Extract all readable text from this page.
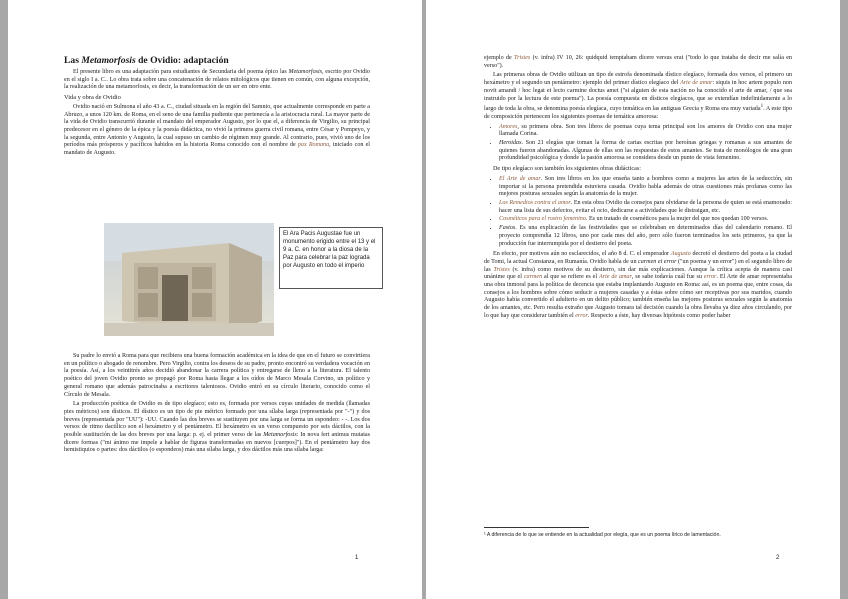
Las Metamorfosis de Ovidio: adaptación

El presente libro es una adaptación para estudiantes de Secundaria del poema épico las Metamorfosis, escrito por Ovidio en el siglo I a. C.. Lo obra trata sobre una concatenación de relatos mitológicos que tienen en común, con alguna excepción, la realización de una metamorfosis, es decir, la transformación de un ser en otro ente.

Vida y obra de Ovidio

Ovidio nació en Sulmona el año 43 a. C., ciudad situada en la región del Samnio, que actualmente corresponde en parte a Abruzo, a unos 120 km. de Roma, en el seno de una familia pudiente que pertenecía a la aristocracia rural. La mayor parte de la vida de Ovidio transcurrió durante el mandato del emperador Augusto, por lo que el, a diferencia de Virgilio, su principal predecesor en el género de la épica y la poesía didáctica, no vivió la primera guerra civil romana, entre César y Pompeyo, y la segunda, entre Antonio y Augusto, la cual supuso un cambio de régimen muy grande. Al contrario, pues, vivió uno de los períodos más prósperos y pacíficos habidos en la historia Roma conocido con el nombre de pax Romana, iniciado con el mandato de Augusto.

El Ara Pacis Augustae fue un monumento erigido entre el 13 y el 9 a. C. en honor a la diosa de la Paz para celebrar la paz lograda por Augusto en todo el imperio

Su padre lo envió a Roma para que recibiera una buena formación académica en la idea de que en el futuro se convirtiera en un político o abogado de renombre. Pero Virgilio, contra los deseos de su padre, pronto encontró su verdadera vocación en la poesía. Así, a los veintitrés años decidió abandonar la carrera política y entregarse de lleno a la literatura. El talento poético del joven Ovidio pronto se propagó por Roma hasta llegar a los oídos de Marco Mesala Corvino, un político y general romano que además patrocinaba a escritores talentosos. Ovidio entró en su círculo literario, conocido como el Círculo de Mesala.

La producción poética de Ovidio es de tipo elegíaco; esto es, formada por versos cuyas unidades de medida (llamadas pies métricos) son dísticos. El dístico es un tipo de pie métrico formado por una sílaba larga (representada por "-") y dos breves (representada por "UU"): -UU. Cuando las dos breves se sustituyen por una larga se forma un espondeo: - -. Los dos versos de ritmo dactílico son el hexámetro y el pentámetro. El hexámetro es un verso compuesto por seis dáctilos, con la posible sustitución de las dos breves por una larga: p. ej. el primer verso de las Metamorfosis: In nova fert animus mutatas dicere formas ("mi ánimo me impele a hablar de figuras transformadas en nuevos [cuerpos]"). En el pentámetro hay dos hemistiquios o partes: dos dáctilos (o espondeos) más una sílaba larga, y dos dáctilos más una sílaba larga:

1

ejemplo de Tristes (v. infra) IV 10, 26: quidquid temptabam dicere versus erat ("todo lo que trataba de decir me salía en verso").

Las primeras obras de Ovidio utilizan un tipo de estrofa denominada dístico elegíaco, formada dos versos, el primero un hexámetro y el segundo un pentámetro: ejemplo del primer dístico elegíaco del Arte de amar: siquis in hoc artem populo non novit amandi / hoc legat et lecto carmine doctus amet ("si alguien de esta nación no ha conocido el arte de amar, / que sea instruido por la lectura de este poema"). La poesía compuesta en dísticos elegíacos, que se extendían indefinidamente a lo largo de toda la obra, se denomina poesía elegíaca, cuyo temática en las antiguas Grecia y Roma era muy variada$^1$. A este tipo de composición pertenecen los siguientes poemas de temática amorosa:

• Amores, su primera obra. Son tres libros de poemas cuya tema principal son los amores de Ovidio con una mujer llamada Corina.
• Heroidas. Son 21 elegías que toman la forma de cartas escritas por heroínas griegas y romanas a sus amantes de quienes fueron abandonadas. Algunas de ellas son las respuestas de estos amantes. Se trata de monólogos de una gran profundidad psicológica y donde la pasión amorosa se considera desde un punto de vista femenino.

De tipo elegíaco son también los siguientes obras didácticas:

• El Arte de amar. Son tres libros en los que enseña tanto a hombres como a mujeres las artes de la seducción, sin importar si la persona pretendida estuviera casada. Ovidio habla además de otras cuestiones más profanas como las mejores posturas sexuales según la anatomía de la mujer.
• Los Remedios contra el amor. En esta obra Ovidio da consejos para olvidarse de la persona de quien se está enamorado: hacer una lista de sus defectos, evitar el ocio, dedicarse a actividades que le distraigan, etc.
• Cosméticos para el rostro femenino. Es un tratado de cosméticos para la mujer del que nos quedan 100 versos.
• Fastos. Es una explicación de las festividades que se celebraban en determinados días del calendario romano. El proyecto comprendía 12 libros, uno por cada mes del año, pero sólo fueron terminados los seis primeros, ya que la producción fue interrumpida por el destierro del poeta.

En efecto, por motivos aún no esclarecidos, el año 8 d. C. el emperador Augusto decretó el destierro del poeta a la ciudad de Tomi, la actual Constanza, en Rumanía. Ovidio habla de un carmen et error ("un poema y un error") en el segundo libro de las Tristes (v. infra) como motivos de su destierro, sin dar más explicaciones. Aunque la crítica acepta de manera casi unánime que el carmen al que se refiere es el Arte de amar, se sabe todavía cuál fue su error. El Arte de amar representaba una obra inmoral para la política de decencia que estaba implantando Augusto en Roma: así, es un poema que, entre cosas, da consejos a los hombres sobre cómo seducir a mujeres casadas y a éstas sobre cómo ser receptivas por sus maridos, cuando Augusto había convertido el adulterio en un delito público; también enseña las mejores posturas sexuales según la anatomía de los amantes, etc. Pero resulta extraño que Augusto tomara tal decisión cuando la obra llevaba ya diez años circulando, por lo que hay que considerar también el error. Respecto a éste, hay diversas hipótesis como poder haber

¹ A diferencia de lo que se entiende en la actualidad por elegía, que es un poema lírico de lamentación.
2
